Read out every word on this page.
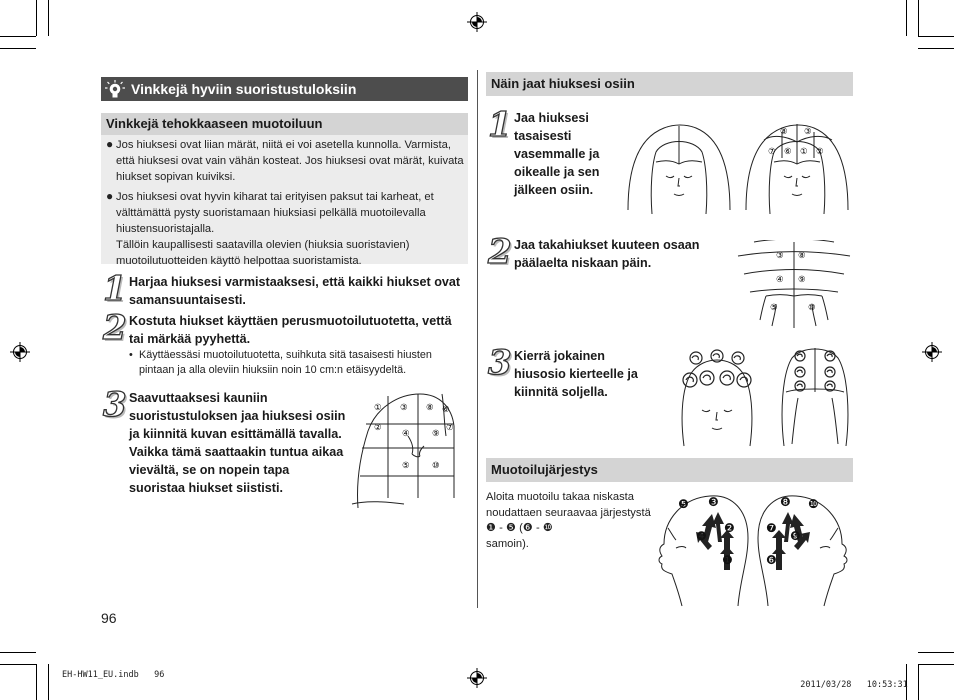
Vinkkejä hyviin suoristustuloksiin
Vinkkejä tehokkaaseen muotoiluun
● Jos hiuksesi ovat liian märät, niitä ei voi asetella kunnolla. Varmista, että hiuksesi ovat vain vähän kosteat. Jos hiuksesi ovat märät, kuivata hiukset sopivan kuiviksi.
● Jos hiuksesi ovat hyvin kiharat tai erityisen paksut tai karheat, et välttämättä pysty suoristamaan hiuksiasi pelkällä muotoilevalla hiustensuoristajalla.
Tällöin kaupallisesti saatavilla olevien (hiuksia suoristavien) muotoilutuotteiden käyttö helpottaa suoristamista.
1 Harjaa hiuksesi varmistaaksesi, että kaikki hiukset ovat samansuuntaisesti.
2 Kostuta hiukset käyttäen perusmuotoilutuotetta, vettä tai märkää pyyhettä.
• Käyttäessäsi muotoilutuotetta, suihkuta sitä tasaisesti hiusten pintaan ja alla oleviin hiuksiin noin 10 cm:n etäisyydeltä.
3 Saavuttaaksesi kauniin suoristustuloksen jaa hiuksesi osiin ja kiinnitä kuvan esittämällä tavalla.
Vaikka tämä saattaakin tuntua aikaa vievältä, se on nopein tapa suoristaa hiukset siististi.
① ③ ⑧ ⑥
②
④	⑨
⑦
⑤	⑩
96
Näin jaat hiuksesi osiin
1 Jaa hiuksesi tasaisesti vasemmalle ja oikealle ja sen jälkeen osiin.
⑧ ③
⑦ ⑥ ① ②
2 Jaa takahiukset kuuteen osaan päälaelta niskaan päin.	③ ⑧
④ ⑨
⑤	⑩
3 Kierrä jokainen hiusosio kierteelle ja kiinnitä soljella.
Muotoilujärjestys
Aloita muotoilu takaa niskasta noudattaen seuraavaa järjestystä ❶ - ❺ (❻ - ❿
samoin).
❺ ❸
❷
❹
❶
❽ ❿
❼
❾
❻
EH-HW11_EU.indb   96

2011/03/28 10:53:31
